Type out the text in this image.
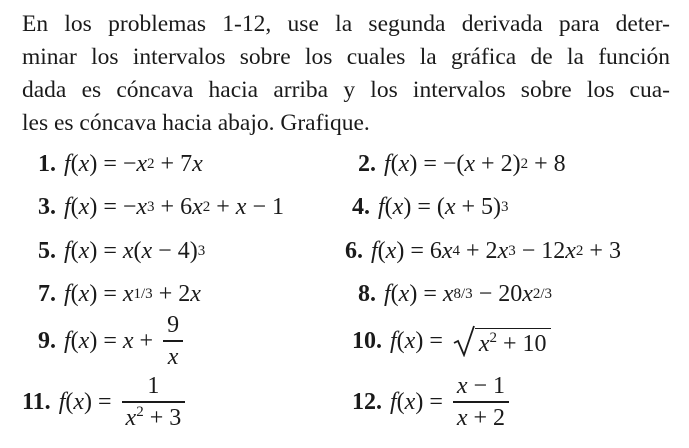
En los problemas 1-12, use la segunda derivada para deter-
minar los intervalos sobre los cuales la gráfica de la función
dada es cóncava hacia arriba y los intervalos sobre los cua-
les es cóncava hacia abajo. Grafique.
1. f ( x ) = − x 2 + 7 x	2. f ( x ) = −( x + 2) 2 + 8
3. f ( x ) = − x 3 + 6 x 2 + x − 1	4. f ( x ) = ( x + 5) 3
5. f ( x ) = x ( x − 4) 3	6. f ( x ) = 6 x 4 + 2 x 3 − 12 x 2 + 3
7. f ( x ) = x 1/3 + 2 x	8. f ( x ) = x 8/3 − 20 x 2/3
9. f ( x ) = $x + \frac{9}{x}$	10. f ( x ) = $x^2 + 10$
11. f ( x ) = $\frac{1}{x^2 + 3}$	12. f ( x ) = $\frac{x - 1}{x + 2}$
